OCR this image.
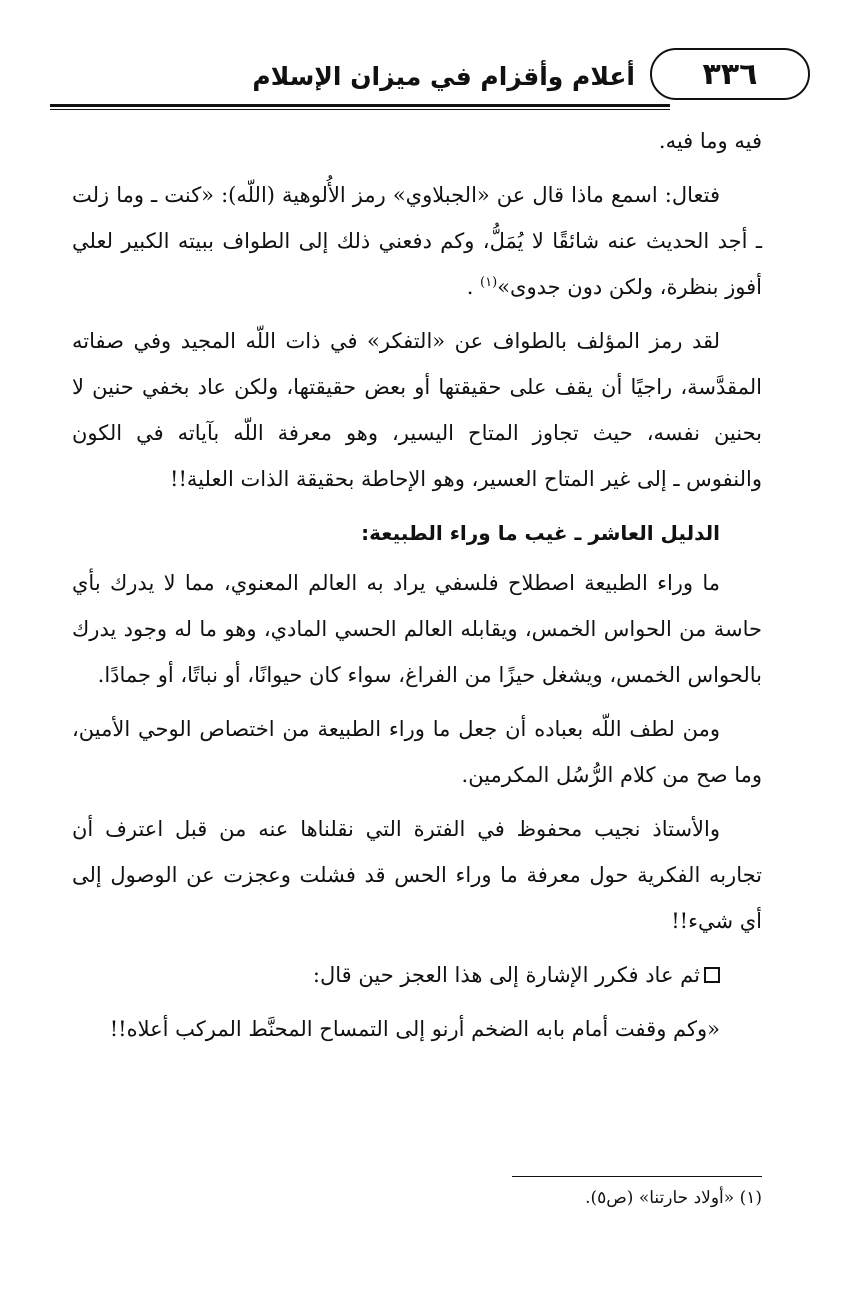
٣٣٦
أعلام وأقزام في ميزان الإسلام

فيه وما فيه.

فتعال: اسمع ماذا قال عن «الجبلاوي» رمز الأُلوهية (اللّه): «كنت ـ وما زلت ـ أجد الحديث عنه شائقًا لا يُمَلُّ، وكم دفعني ذلك إلى الطواف ببيته الكبير لعلي أفوز بنظرة، ولكن دون جدوى»$^{(١)}$ .

لقد رمز المؤلف بالطواف عن «التفكر» في ذات اللّه المجيد وفي صفاته المقدَّسة، راجيًا أن يقف على حقيقتها أو بعض حقيقتها، ولكن عاد بخفي حنين لا بحنين نفسه، حيث تجاوز المتاح اليسير، وهو معرفة اللّه بآياته في الكون والنفوس ـ إلى غير المتاح العسير، وهو الإحاطة بحقيقة الذات العلية!!

الدليل العاشر ـ غيب ما وراء الطبيعة:

ما وراء الطبيعة اصطلاح فلسفي يراد به العالم المعنوي، مما لا يدرك بأي حاسة من الحواس الخمس، ويقابله العالم الحسي المادي، وهو ما له وجود يدرك بالحواس الخمس، ويشغل حيزًا من الفراغ، سواء كان حيوانًا، أو نباتًا، أو جمادًا.

ومن لطف اللّه بعباده أن جعل ما وراء الطبيعة من اختصاص الوحي الأمين، وما صح من كلام الرُّسُل المكرمين.

والأستاذ نجيب محفوظ في الفترة التي نقلناها عنه من قبل اعترف أن تجاربه الفكرية حول معرفة ما وراء الحس قد فشلت وعجزت عن الوصول إلى أي شيء!!

ثم عاد فكرر الإشارة إلى هذا العجز حين قال:

«وكم وقفت أمام بابه الضخم أرنو إلى التمساح المحنَّط المركب أعلاه!!

(١) «أولاد حارتنا» (ص٥).
